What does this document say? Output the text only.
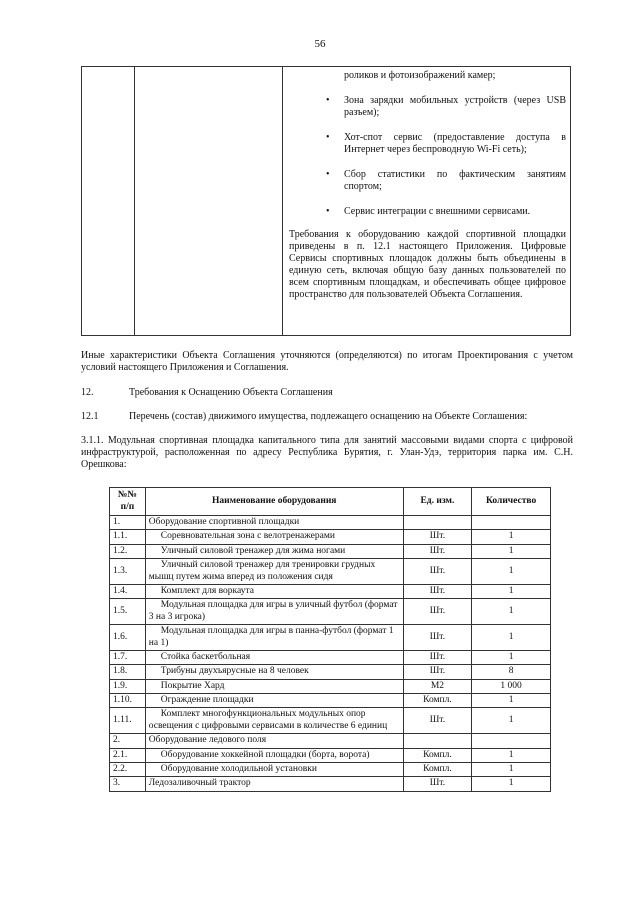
56
роликов и фотоизображений камер;
• Зона зарядки мобильных устройств (через USB разъем);
• Хот-спот сервис (предоставление доступа в Интернет через беспроводную Wi-Fi сеть);
• Сбор статистики по фактическим занятиям спортом;
• Сервис интеграции с внешними сервисами.
Требования к оборудованию каждой спортивной площадки приведены в п. 12.1 настоящего Приложения. Цифровые Сервисы спортивных площадок должны быть объединены в единую сеть, включая общую базу данных пользователей по всем спортивным площадкам, и обеспечивать общее цифровое пространство для пользователей Объекта Соглашения.
Иные характеристики Объекта Соглашения уточняются (определяются) по итогам Проектирования с учетом условий настоящего Приложения и Соглашения.
12.	Требования к Оснащению Объекта Соглашения
12.1	Перечень (состав) движимого имущества, подлежащего оснащению на Объекте Соглашения:
3.1.1. Модульная спортивная площадка капитального типа для занятий массовыми видами спорта с цифровой инфраструктурой, расположенная по адресу Республика Бурятия, г. Улан-Удэ, территория парка им. С.Н. Орешкова:
№№ п/п	Наименование оборудования	Ед. изм.	Количество
1.	Оборудование спортивной площадки		
1.1.	Соревновательная зона с велотренажерами	Шт.	1
1.2.	Уличный силовой тренажер для жима ногами	Шт.	1
1.3.	Уличный силовой тренажер для тренировки грудных мышц путем жима вперед из положения сидя	Шт.	1
1.4.	Комплект для воркаута	Шт.	1
1.5.	Модульная площадка для игры в уличный футбол (формат 3 на 3 игрока)	Шт.	1
1.6.	Модульная площадка для игры в панна-футбол (формат 1 на 1)	Шт.	1
1.7.	Стойка баскетбольная	Шт.	1
1.8.	Трибуны двухъярусные на 8 человек	Шт.	8
1.9.	Покрытие Хард	М2	1 000
1.10.	Ограждение площадки	Компл.	1
1.11.	Комплект многофункциональных модульных опор освещения с цифровыми сервисами в количестве 6 единиц	Шт.	1
2.	Оборудование ледового поля		
2.1.	Оборудование хоккейной площадки (борта, ворота)	Компл.	1
2.2.	Оборудование холодильной установки	Компл.	1
3.	Ледозаливочный трактор	Шт.	1
